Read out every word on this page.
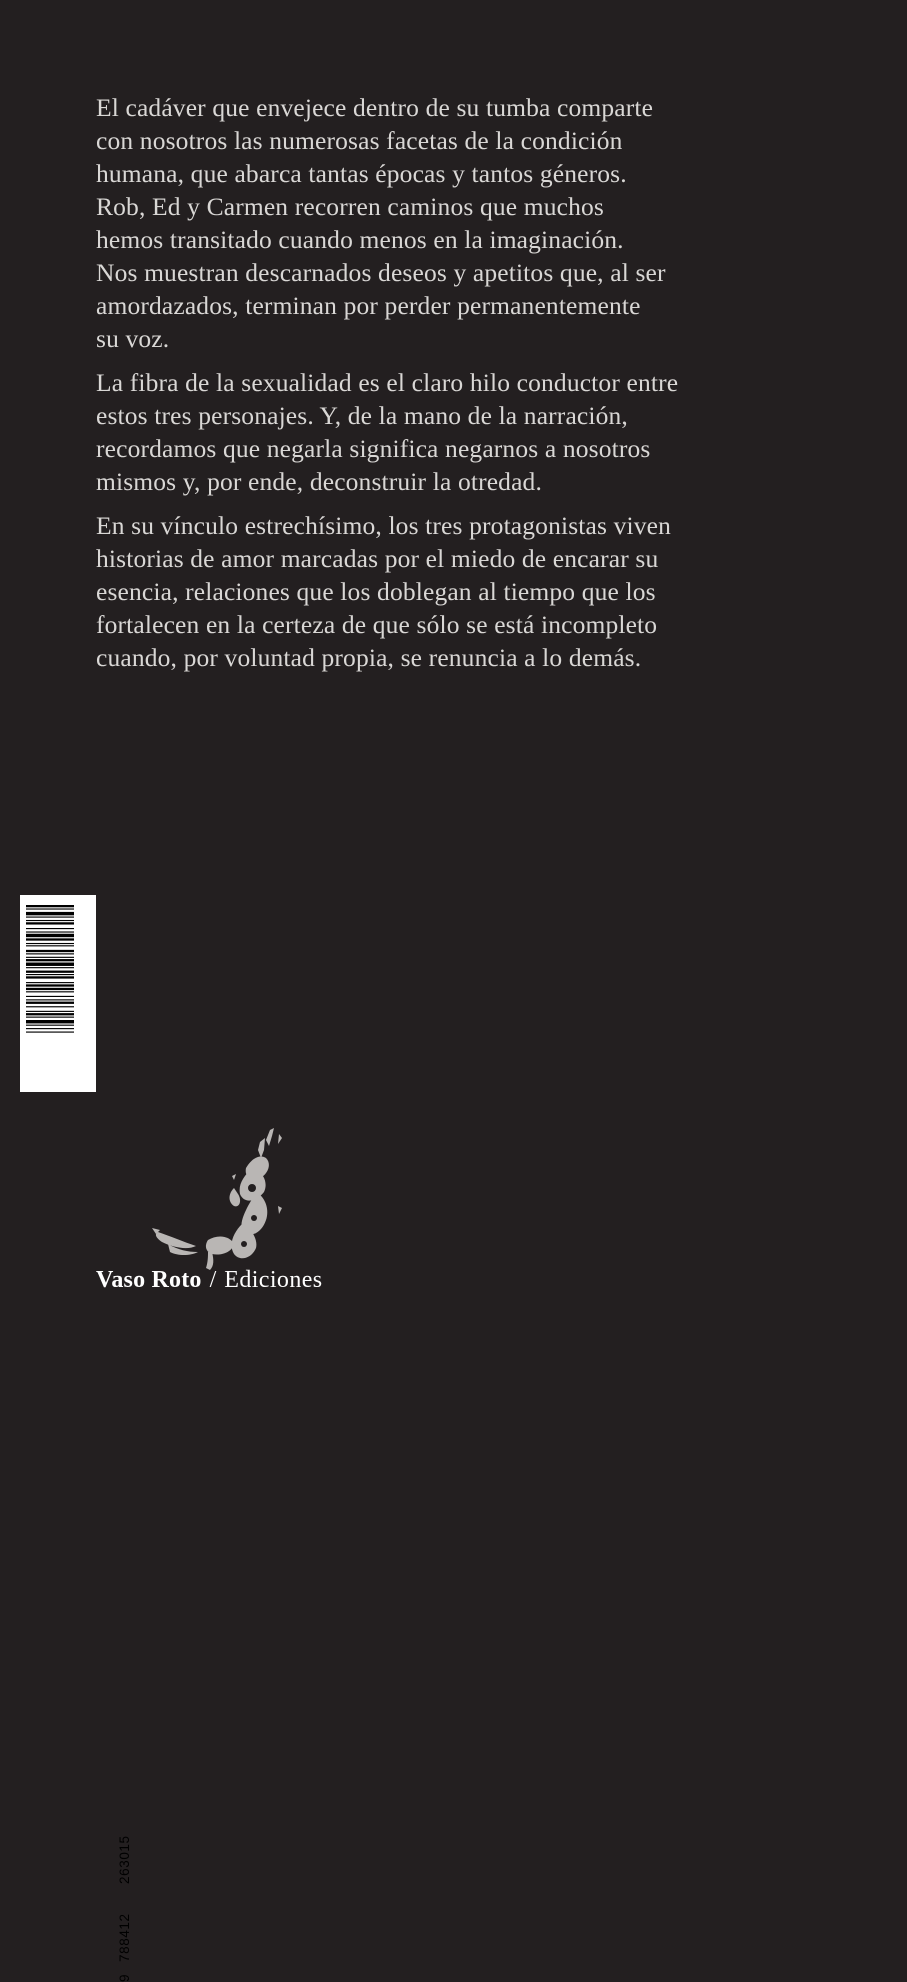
El cadáver que envejece dentro de su tumba comparte
con nosotros las numerosas facetas de la condición
humana, que abarca tantas épocas y tantos géneros.
Rob, Ed y Carmen recorren caminos que muchos
hemos transitado cuando menos en la imaginación.
Nos muestran descarnados deseos y apetitos que, al ser
amordazados, terminan por perder permanentemente
su voz.

La fibra de la sexualidad es el claro hilo conductor entre
estos tres personajes. Y, de la mano de la narración,
recordamos que negarla significa negarnos a nosotros
mismos y, por ende, deconstruir la otredad.

En su vínculo estrechísimo, los tres protagonistas viven
historias de amor marcadas por el miedo de encarar su
esencia, relaciones que los doblegan al tiempo que los
fortalecen en la certeza de que sólo se está incompleto
cuando, por voluntad propia, se renuncia a lo demás.

9
788412
263015
Vaso Roto / Ediciones
